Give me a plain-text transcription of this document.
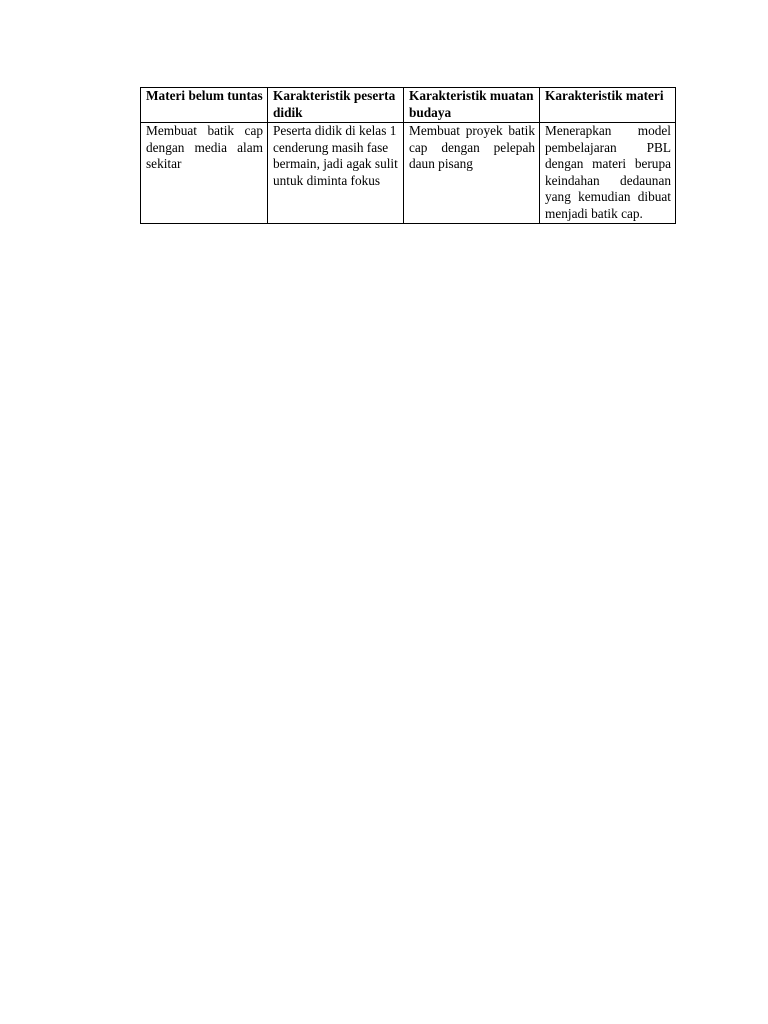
Materi belum tuntas	Karakteristik peserta didik	Karakteristik muatan budaya	Karakteristik materi
Membuat batik cap dengan media alam sekitar	Peserta didik di kelas 1 cenderung masih fase bermain, jadi agak sulit untuk diminta fokus	Membuat proyek batik cap dengan pelepah daun pisang	Menerapkan model pembelajaran PBL dengan materi berupa keindahan dedaunan yang kemudian dibuat menjadi batik cap.
